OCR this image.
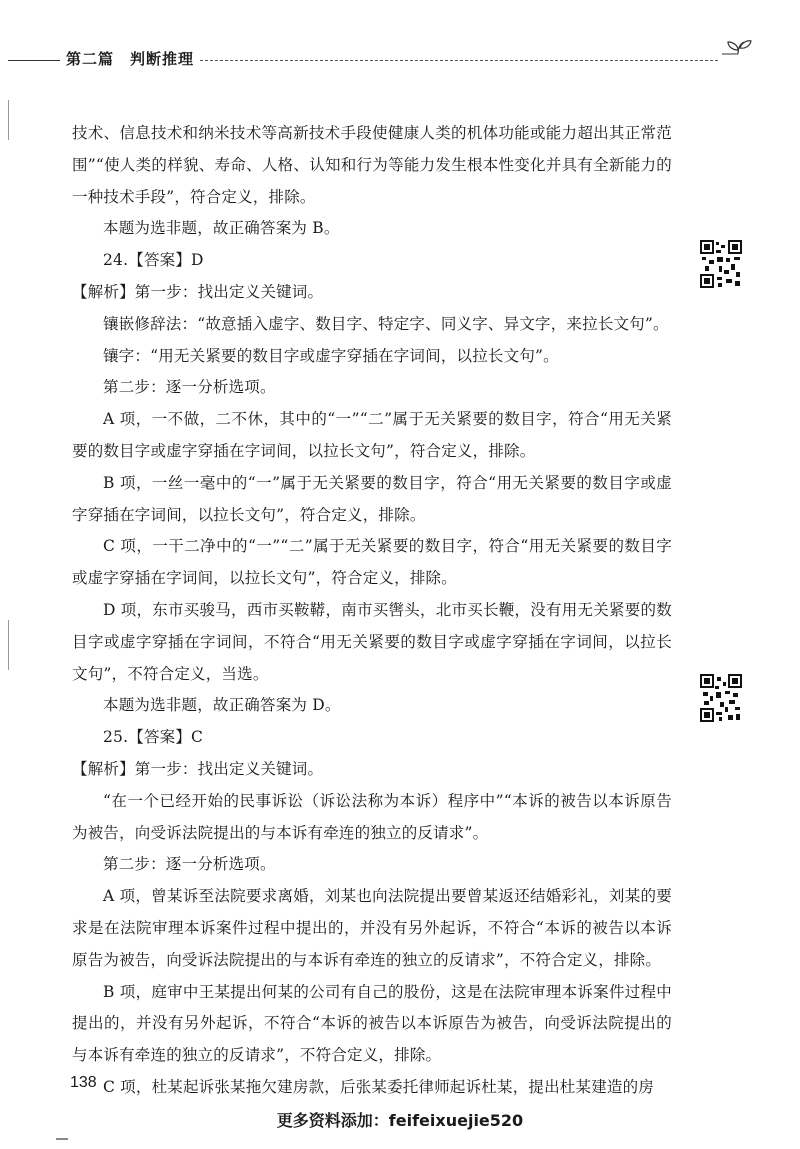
第二篇　判断推理

技术、信息技术和纳米技术等高新技术手段使健康人类的机体功能或能力超出其正常范围”“使人类的样貌、寿命、人格、认知和行为等能力发生根本性变化并具有全新能力的一种技术手段”，符合定义，排除。

本题为选非题，故正确答案为 B。

24.【答案】D

【解析】第一步：找出定义关键词。

镶嵌修辞法：“故意插入虚字、数目字、特定字、同义字、异文字，来拉长文句”。

镶字：“用无关紧要的数目字或虚字穿插在字词间，以拉长文句”。

第二步：逐一分析选项。

A 项，一不做，二不休，其中的“一”“二”属于无关紧要的数目字，符合“用无关紧要的数目字或虚字穿插在字词间，以拉长文句”，符合定义，排除。

B 项，一丝一毫中的“一”属于无关紧要的数目字，符合“用无关紧要的数目字或虚字穿插在字词间，以拉长文句”，符合定义，排除。

C 项，一干二净中的“一”“二”属于无关紧要的数目字，符合“用无关紧要的数目字或虚字穿插在字词间，以拉长文句”，符合定义，排除。

D 项，东市买骏马，西市买鞍鞯，南市买辔头，北市买长鞭，没有用无关紧要的数目字或虚字穿插在字词间，不符合“用无关紧要的数目字或虚字穿插在字词间，以拉长文句”，不符合定义，当选。

本题为选非题，故正确答案为 D。

25.【答案】C

【解析】第一步：找出定义关键词。

“在一个已经开始的民事诉讼（诉讼法称为本诉）程序中”“本诉的被告以本诉原告为被告，向受诉法院提出的与本诉有牵连的独立的反请求”。

第二步：逐一分析选项。

A 项，曾某诉至法院要求离婚，刘某也向法院提出要曾某返还结婚彩礼，刘某的要求是在法院审理本诉案件过程中提出的，并没有另外起诉，不符合“本诉的被告以本诉原告为被告，向受诉法院提出的与本诉有牵连的独立的反请求”，不符合定义，排除。

B 项，庭审中王某提出何某的公司有自己的股份，这是在法院审理本诉案件过程中提出的，并没有另外起诉，不符合“本诉的被告以本诉原告为被告，向受诉法院提出的与本诉有牵连的独立的反请求”，不符合定义，排除。

C 项，杜某起诉张某拖欠建房款，后张某委托律师起诉杜某，提出杜某建造的房

138
更多资料添加：feifeixuejie520
